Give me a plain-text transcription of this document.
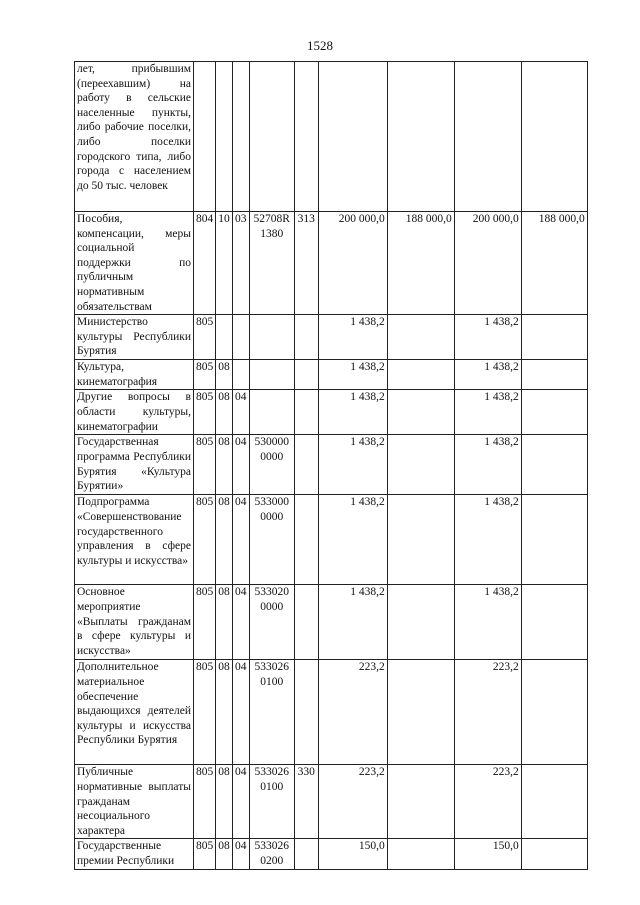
1528
лет, прибывшим (переехавшим) на работу в сельские населенные пункты, либо рабочие поселки, либо поселки городского типа, либо города с населением до 50 тыс. человек									
Пособия, компенсации, меры социальной поддержки по публичным нормативным обязательствам	804	10	03	52708R1380	313	200 000,0	188 000,0	200 000,0	188 000,0
Министерство культуры Республики Бурятия	805					1 438,2		1 438,2	
Культура, кинематография	805	08				1 438,2		1 438,2	
Другие вопросы в области культуры, кинематографии	805	08	04			1 438,2		1 438,2	
Государственная программа Республики Бурятия «Культура Бурятии»	805	08	04	5300000000		1 438,2		1 438,2	
Подпрограмма «Совершенствование государственного управления в сфере культуры и искусства»	805	08	04	5330000000		1 438,2		1 438,2	
Основное мероприятие «Выплаты гражданам в сфере культуры и искусства»	805	08	04	5330200000		1 438,2		1 438,2	
Дополнительное материальное обеспечение выдающихся деятелей культуры и искусства Республики Бурятия	805	08	04	5330260100		223,2		223,2	
Публичные нормативные выплаты гражданам несоциального характера	805	08	04	5330260100	330	223,2		223,2	
Государственные премии Республики	805	08	04	5330260200		150,0		150,0	
